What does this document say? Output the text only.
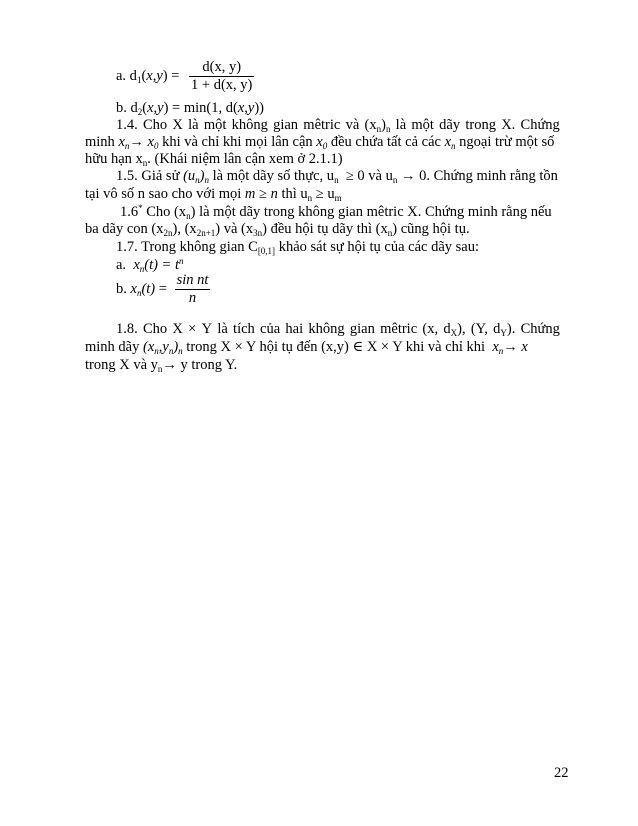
a. $d_1(x,y) = \frac{d(x, y)}{1 + d(x, y)}$
b. $d_2(x,y) = \min(1$, d(x,y))
1.4. Cho X là một không gian mêtric và $(x_n)_n$ là một dãy trong X. Chứng
minh $x_n\to x_0$ khi và chỉ khi mọi lân cận $x_0$ đều chứa tất cả các $x_n$ ngoại trừ một số
hữu hạn $x_n$. (Khái niệm lân cận xem ở 2.1.1)
1.5. Giả sử $(u_n)_n$ là một dãy số thực, $u_n \ge 0$ và $u_n \to 0$. Chứng minh rằng tồn
tại vô số n sao cho với mọi m ≥ n thì $u_n \ge u_m$
1.6* Cho $(x_n)$ là một dãy trong không gian mêtric X. Chứng minh rằng nếu
ba dãy con $(x_{2n})$, $(x_{2n+1})$ và $(x_{3n})$ đều hội tụ dãy thì $(x_n)$ cũng hội tụ.
1.7. Trong không gian $C_{[0,1]}$ khảo sát sự hội tụ của các dãy sau:
a.  $x_n(t) = t^n$
b. $x_n(t) = \frac{\text{sin nt}}{n}$
1.8. Cho X × Y là tích của hai không gian mêtric (x, $d_X$), (Y, $d_Y$). Chứng
minh dãy $(x_n,y_n)_n$ trong X × Y hội tụ đến (x,y) ∈ X × Y khi và chỉ khi  $x_n\to x$
trong X và $y_n\to y$ trong Y.
22
